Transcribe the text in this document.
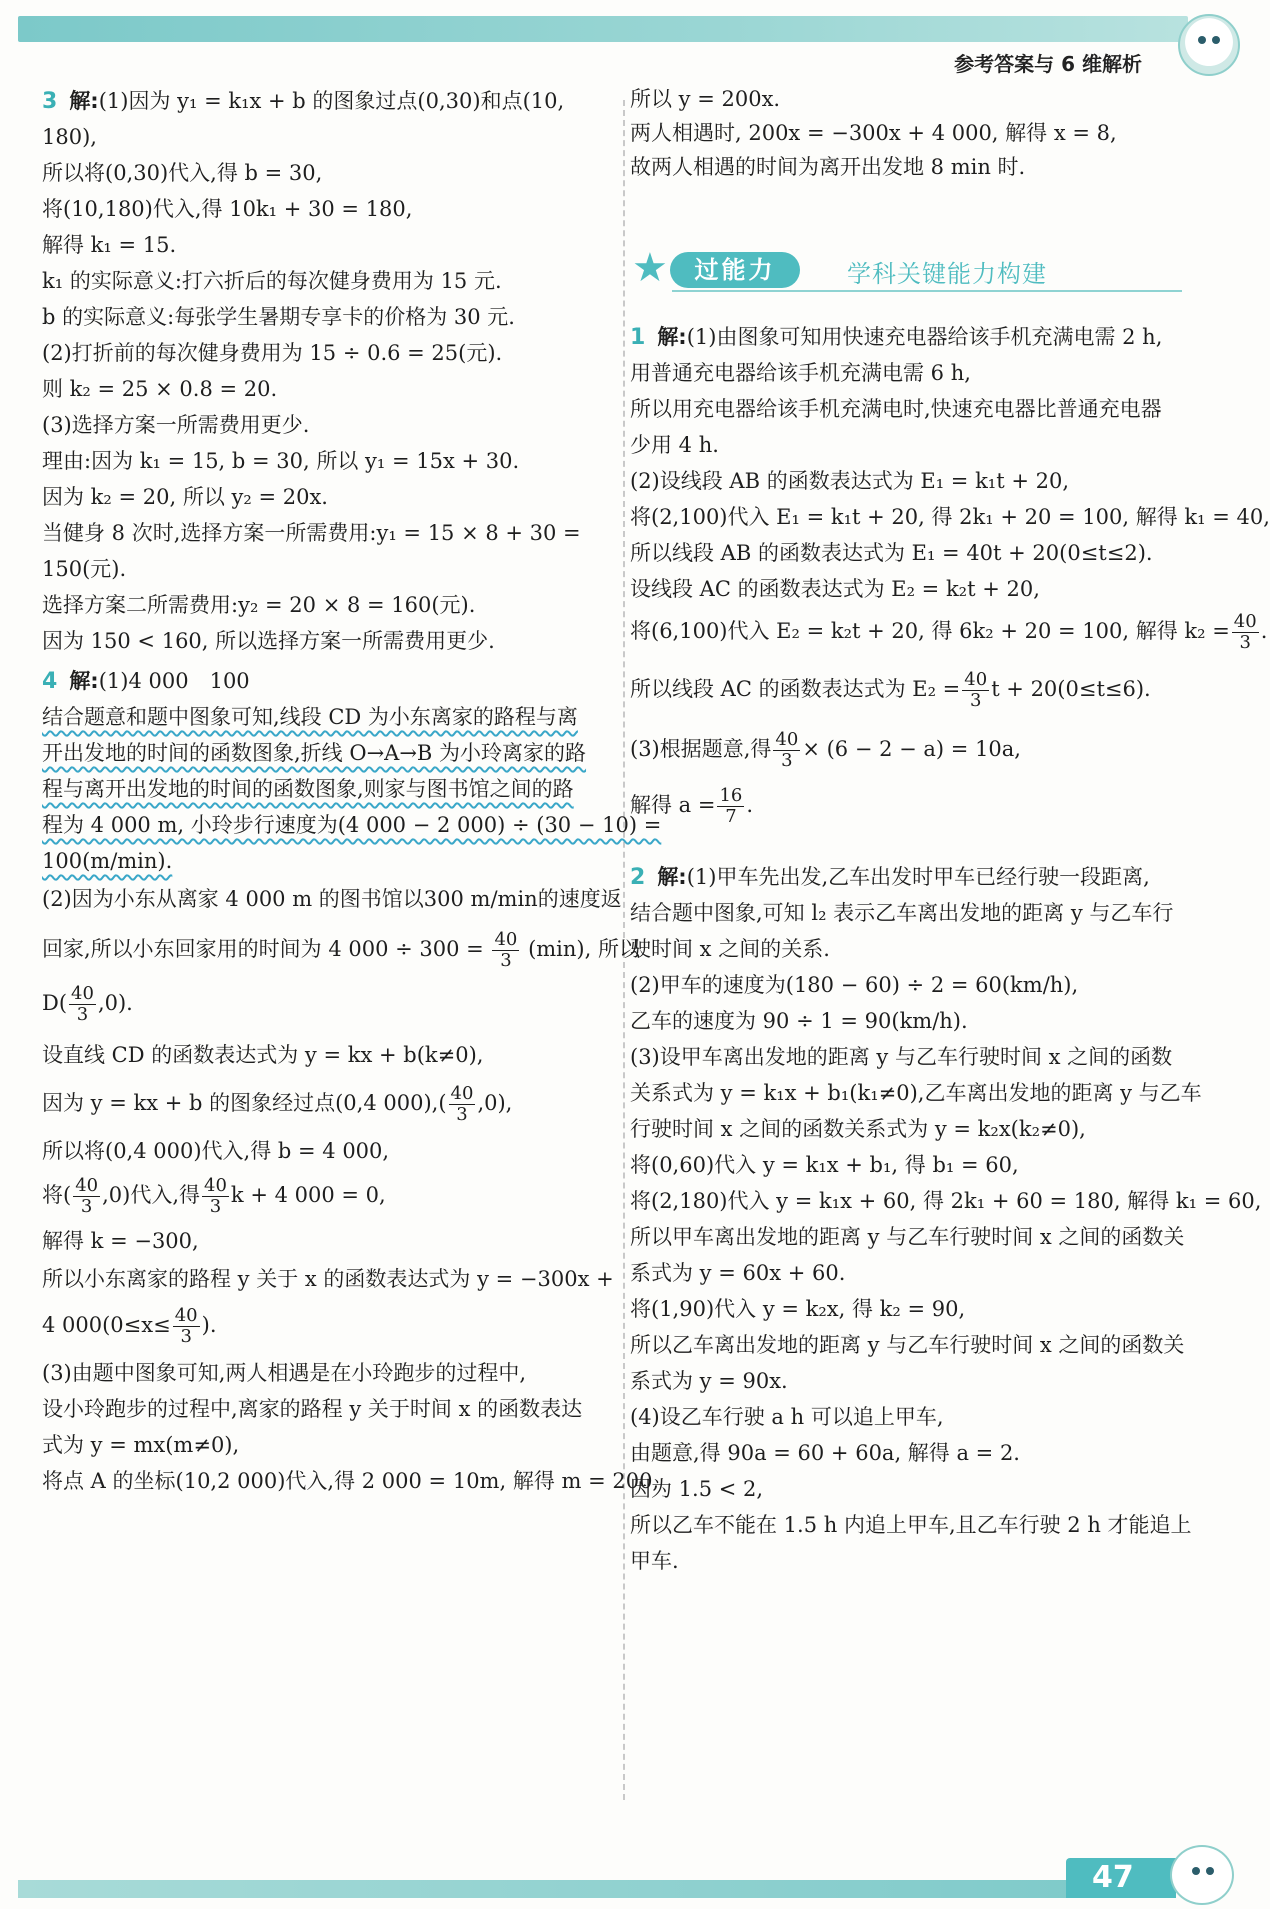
参考答案与 6 维解析
3 解:(1)因为 y₁ = k₁x + b 的图象过点(0,30)和点(10,
180),
所以将(0,30)代入,得 b = 30,
将(10,180)代入,得 10k₁ + 30 = 180,
解得 k₁ = 15.
k₁ 的实际意义:打六折后的每次健身费用为 15 元.
b 的实际意义:每张学生暑期专享卡的价格为 30 元.
(2)打折前的每次健身费用为 15 ÷ 0.6 = 25(元).
则 k₂ = 25 × 0.8 = 20.
(3)选择方案一所需费用更少.
理由:因为 k₁ = 15, b = 30, 所以 y₁ = 15x + 30.
因为 k₂ = 20, 所以 y₂ = 20x.
当健身 8 次时,选择方案一所需费用:y₁ = 15 × 8 + 30 =
150(元).
选择方案二所需费用:y₂ = 20 × 8 = 160(元).
因为 150 < 160, 所以选择方案一所需费用更少.
4 解:(1)4 000　100
结合题意和题中图象可知,线段 CD 为小东离家的路程与离
开出发地的时间的函数图象,折线 O→A→B 为小玲离家的路
程与离开出发地的时间的函数图象,则家与图书馆之间的路
程为 4 000 m, 小玲步行速度为(4 000 − 2 000) ÷ (30 − 10) =
100(m/min).
(2)因为小东从离家 4 000 m 的图书馆以300 m/min的速度返
回家,所以小东回家用的时间为 4 $000 \div 300 = \frac{40}{3} (\min)$, 所以
$D( \frac{40}{3} ,0)$.
设直线 CD 的函数表达式为 y = kx + b(k≠0),
因为 y = kx + b 的图象经过点(0,4 $000),( \frac{40}{3} ,0)$,
所以将(0,4 000)代入,得 b = 4 000,
将( $\frac{40}{3} ,0$)代入,得 $\frac{40}{3}$ k + 4 000 = 0,
解得 k = −300,
所以小东离家的路程 y 关于 x 的函数表达式为 y = −300x +
4 $000(0\le x\le \frac{40}{3}$ ).
(3)由题中图象可知,两人相遇是在小玲跑步的过程中,
设小玲跑步的过程中,离家的路程 y 关于时间 x 的函数表达
式为 y = mx(m≠0),
将点 A 的坐标(10,2 000)代入,得 2 000 = 10m, 解得 m = 200,
所以 y = 200x.
两人相遇时, 200x = −300x + 4 000, 解得 x = 8,
故两人相遇的时间为离开出发地 8 min 时.
★	过能力	学科关键能力构建
1 解:(1)由图象可知用快速充电器给该手机充满电需 2 h,
用普通充电器给该手机充满电需 6 h,
所以用充电器给该手机充满电时,快速充电器比普通充电器
少用 4 h.
(2)设线段 AB 的函数表达式为 E₁ = k₁t + 20,
将(2,100)代入 E₁ = k₁t + 20, 得 2k₁ + 20 = 100, 解得 k₁ = 40,
所以线段 AB 的函数表达式为 E₁ = 40t + 20(0≤t≤2).
设线段 AC 的函数表达式为 E₂ = k₂t + 20,
将(6,100)代入 E₂ = k₂t + 20, 得 6k₂ + 20 = 100, 解得 $k_2 = \frac{40}{3}$ .
所以线段 AC 的函数表达式为 $E_2 = \frac{40}{3}$ t + 20(0≤t≤6).
(3)根据题意,得 $\frac{40}{3} \times (6 - 2 - a) = 10a$,
解得 $a = \frac{16}{7}$ .
2 解:(1)甲车先出发,乙车出发时甲车已经行驶一段距离,
结合题中图象,可知 l₂ 表示乙车离出发地的距离 y 与乙车行
驶时间 x 之间的关系.
(2)甲车的速度为(180 − 60) ÷ 2 = 60(km/h),
乙车的速度为 90 ÷ 1 = 90(km/h).
(3)设甲车离出发地的距离 y 与乙车行驶时间 x 之间的函数
关系式为 y = k₁x + b₁(k₁≠0),乙车离出发地的距离 y 与乙车
行驶时间 x 之间的函数关系式为 y = k₂x(k₂≠0),
将(0,60)代入 y = k₁x + b₁, 得 b₁ = 60,
将(2,180)代入 y = k₁x + 60, 得 2k₁ + 60 = 180, 解得 k₁ = 60,
所以甲车离出发地的距离 y 与乙车行驶时间 x 之间的函数关
系式为 y = 60x + 60.
将(1,90)代入 y = k₂x, 得 k₂ = 90,
所以乙车离出发地的距离 y 与乙车行驶时间 x 之间的函数关
系式为 y = 90x.
(4)设乙车行驶 a h 可以追上甲车,
由题意,得 90a = 60 + 60a, 解得 a = 2.
因为 1.5 < 2,
所以乙车不能在 1.5 h 内追上甲车,且乙车行驶 2 h 才能追上
甲车.
47
